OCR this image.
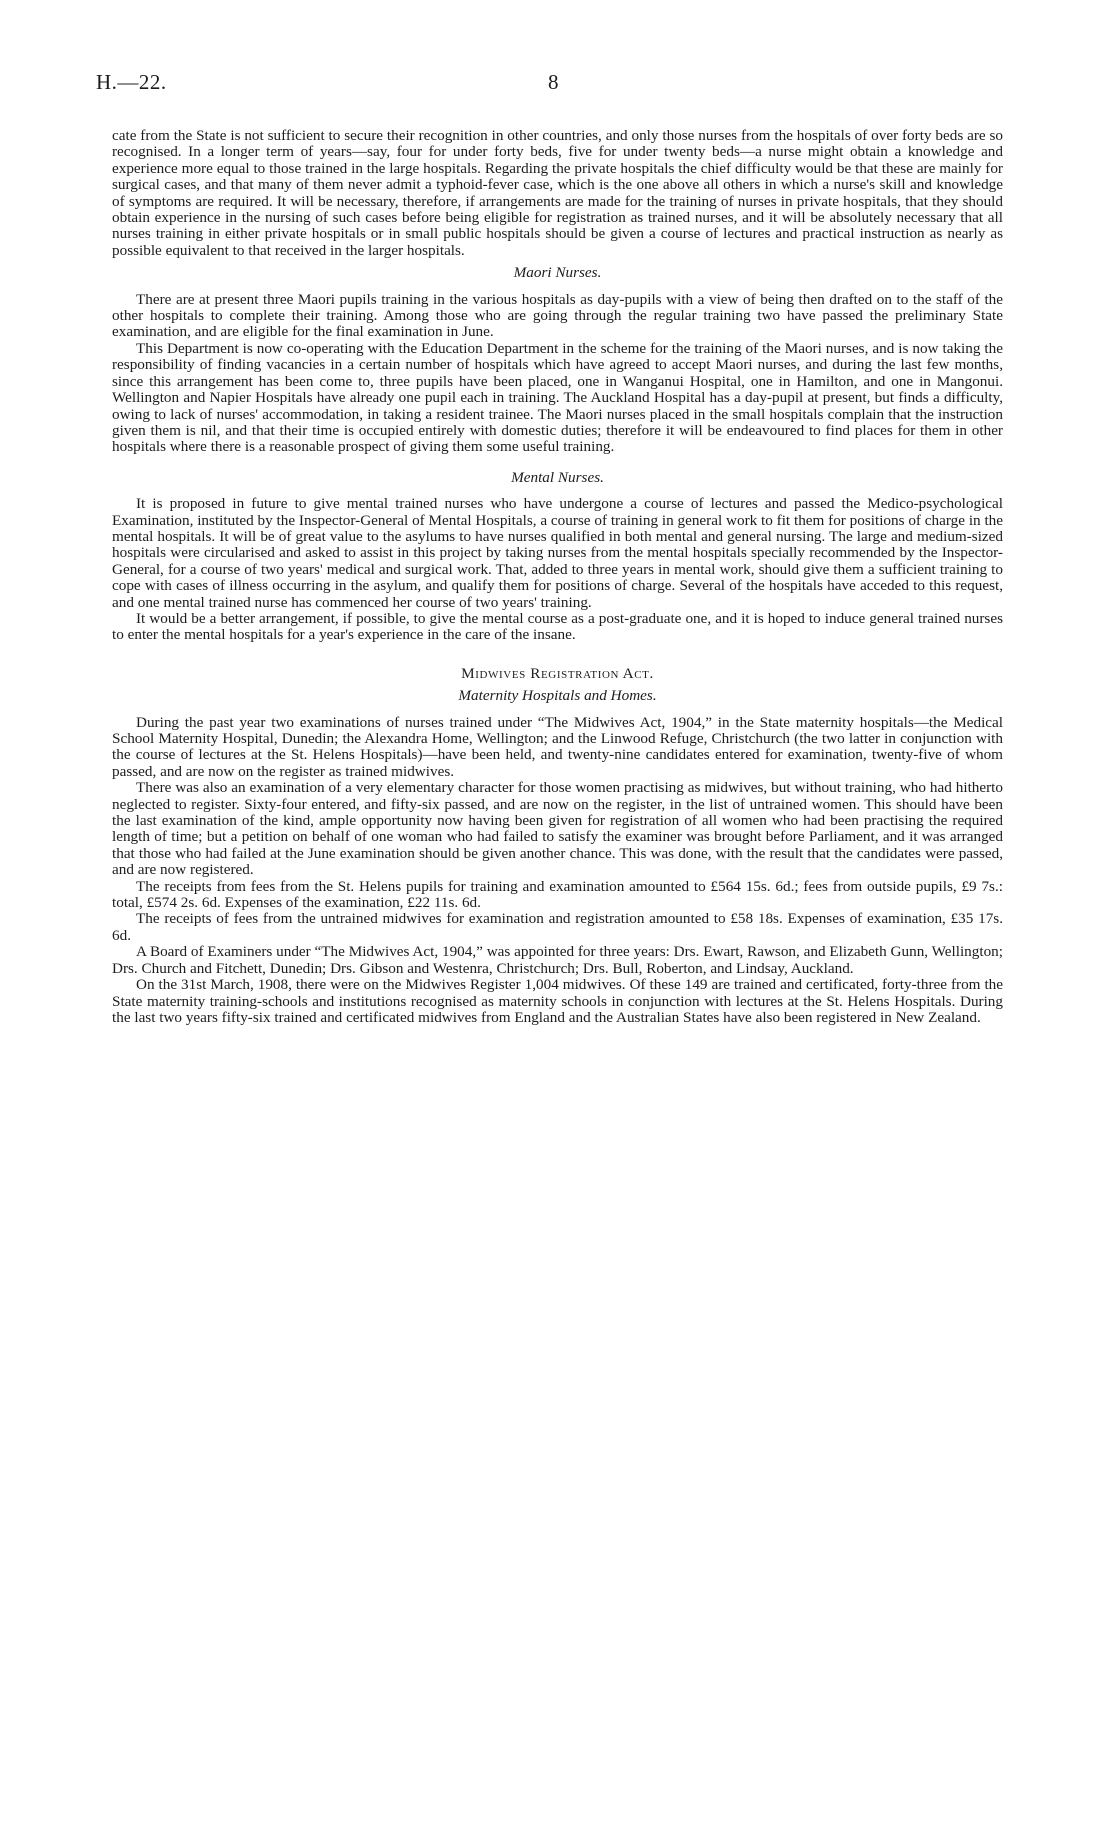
H.—22.	8

cate from the State is not sufficient to secure their recognition in other countries, and only those nurses from the hospitals of over forty beds are so recognised. In a longer term of years—say, four for under forty beds, five for under twenty beds—a nurse might obtain a knowledge and experience more equal to those trained in the large hospitals. Regarding the private hospitals the chief difficulty would be that these are mainly for surgical cases, and that many of them never admit a typhoid-fever case, which is the one above all others in which a nurse's skill and knowledge of symptoms are required. It will be necessary, therefore, if arrangements are made for the training of nurses in private hospitals, that they should obtain experience in the nursing of such cases before being eligible for registration as trained nurses, and it will be absolutely necessary that all nurses training in either private hospitals or in small public hospitals should be given a course of lectures and practical instruction as nearly as possible equivalent to that received in the larger hospitals.

Maori Nurses.

There are at present three Maori pupils training in the various hospitals as day-pupils with a view of being then drafted on to the staff of the other hospitals to complete their training. Among those who are going through the regular training two have passed the preliminary State examination, and are eligible for the final examination in June.

This Department is now co-operating with the Education Department in the scheme for the training of the Maori nurses, and is now taking the responsibility of finding vacancies in a certain number of hospitals which have agreed to accept Maori nurses, and during the last few months, since this arrangement has been come to, three pupils have been placed, one in Wanganui Hospital, one in Hamilton, and one in Mangonui. Wellington and Napier Hospitals have already one pupil each in training. The Auckland Hospital has a day-pupil at present, but finds a difficulty, owing to lack of nurses' accommodation, in taking a resident trainee. The Maori nurses placed in the small hospitals complain that the instruction given them is nil, and that their time is occupied entirely with domestic duties; therefore it will be endeavoured to find places for them in other hospitals where there is a reasonable prospect of giving them some useful training.

Mental Nurses.

It is proposed in future to give mental trained nurses who have undergone a course of lectures and passed the Medico-psychological Examination, instituted by the Inspector-General of Mental Hospitals, a course of training in general work to fit them for positions of charge in the mental hospitals. It will be of great value to the asylums to have nurses qualified in both mental and general nursing. The large and medium-sized hospitals were circularised and asked to assist in this project by taking nurses from the mental hospitals specially recommended by the Inspector-General, for a course of two years' medical and surgical work. That, added to three years in mental work, should give them a sufficient training to cope with cases of illness occurring in the asylum, and qualify them for positions of charge. Several of the hospitals have acceded to this request, and one mental trained nurse has commenced her course of two years' training.

It would be a better arrangement, if possible, to give the mental course as a post-graduate one, and it is hoped to induce general trained nurses to enter the mental hospitals for a year's experience in the care of the insane.

Midwives Registration Act.
Maternity Hospitals and Homes.

During the past year two examinations of nurses trained under “The Midwives Act, 1904,” in the State maternity hospitals—the Medical School Maternity Hospital, Dunedin; the Alexandra Home, Wellington; and the Linwood Refuge, Christchurch (the two latter in conjunction with the course of lectures at the St. Helens Hospitals)—have been held, and twenty-nine candidates entered for examination, twenty-five of whom passed, and are now on the register as trained midwives.

There was also an examination of a very elementary character for those women practising as midwives, but without training, who had hitherto neglected to register. Sixty-four entered, and fifty-six passed, and are now on the register, in the list of untrained women. This should have been the last examination of the kind, ample opportunity now having been given for registration of all women who had been practising the required length of time; but a petition on behalf of one woman who had failed to satisfy the examiner was brought before Parliament, and it was arranged that those who had failed at the June examination should be given another chance. This was done, with the result that the candidates were passed, and are now registered.

The receipts from fees from the St. Helens pupils for training and examination amounted to £564 15s. 6d.; fees from outside pupils, £9 7s.: total, £574 2s. 6d. Expenses of the examination, £22 11s. 6d.

The receipts of fees from the untrained midwives for examination and registration amounted to £58 18s. Expenses of examination, £35 17s. 6d.

A Board of Examiners under “The Midwives Act, 1904,” was appointed for three years: Drs. Ewart, Rawson, and Elizabeth Gunn, Wellington; Drs. Church and Fitchett, Dunedin; Drs. Gibson and Westenra, Christchurch; Drs. Bull, Roberton, and Lindsay, Auckland.

On the 31st March, 1908, there were on the Midwives Register 1,004 midwives. Of these 149 are trained and certificated, forty-three from the State maternity training-schools and institutions recognised as maternity schools in conjunction with lectures at the St. Helens Hospitals. During the last two years fifty-six trained and certificated midwives from England and the Australian States have also been registered in New Zealand.
